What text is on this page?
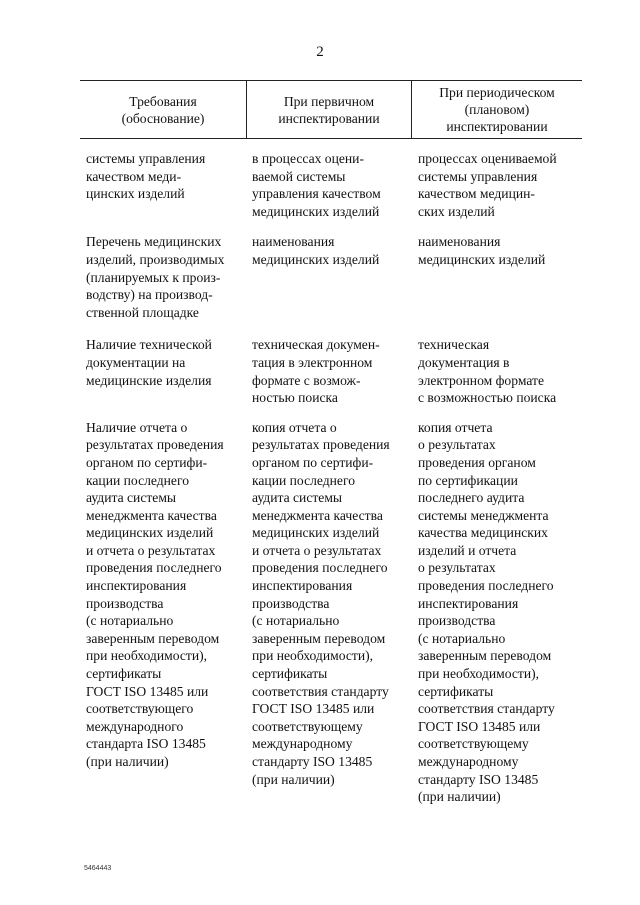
2
Требования
(обоснование)
При первичном
инспектировании
При периодическом
(плановом)
инспектировании
системы управления
качеством меди-
цинских изделий
в процессах оцени-
ваемой системы
управления качеством
медицинских изделий
процессах оцениваемой
системы управления
качеством медицин-
ских изделий
Перечень медицинских
изделий, производимых
(планируемых к произ-
водству) на производ-
ственной площадке
наименования
медицинских изделий
наименования
медицинских изделий
Наличие технической
документации на
медицинские изделия
техническая докумен-
тация в электронном
формате с возмож-
ностью поиска
техническая
документация в
электронном формате
с возможностью поиска
Наличие отчета о
результатах проведения
органом по сертифи-
кации последнего
аудита системы
менеджмента качества
медицинских изделий
и отчета о результатах
проведения последнего
инспектирования
производства
(с нотариально
заверенным переводом
при необходимости),
сертификаты
ГОСТ ISO 13485 или
соответствующего
международного
стандарта ISO 13485
(при наличии)
копия отчета о
результатах проведения
органом по сертифи-
кации последнего
аудита системы
менеджмента качества
медицинских изделий
и отчета о результатах
проведения последнего
инспектирования
производства
(с нотариально
заверенным переводом
при необходимости),
сертификаты
соответствия стандарту
ГОСТ ISO 13485 или
соответствующему
международному
стандарту ISO 13485
(при наличии)
копия отчета
о результатах
проведения органом
по сертификации
последнего аудита
системы менеджмента
качества медицинских
изделий и отчета
о результатах
проведения последнего
инспектирования
производства
(с нотариально
заверенным переводом
при необходимости),
сертификаты
соответствия стандарту
ГОСТ ISO 13485 или
соответствующему
международному
стандарту ISO 13485
(при наличии)
5464443
